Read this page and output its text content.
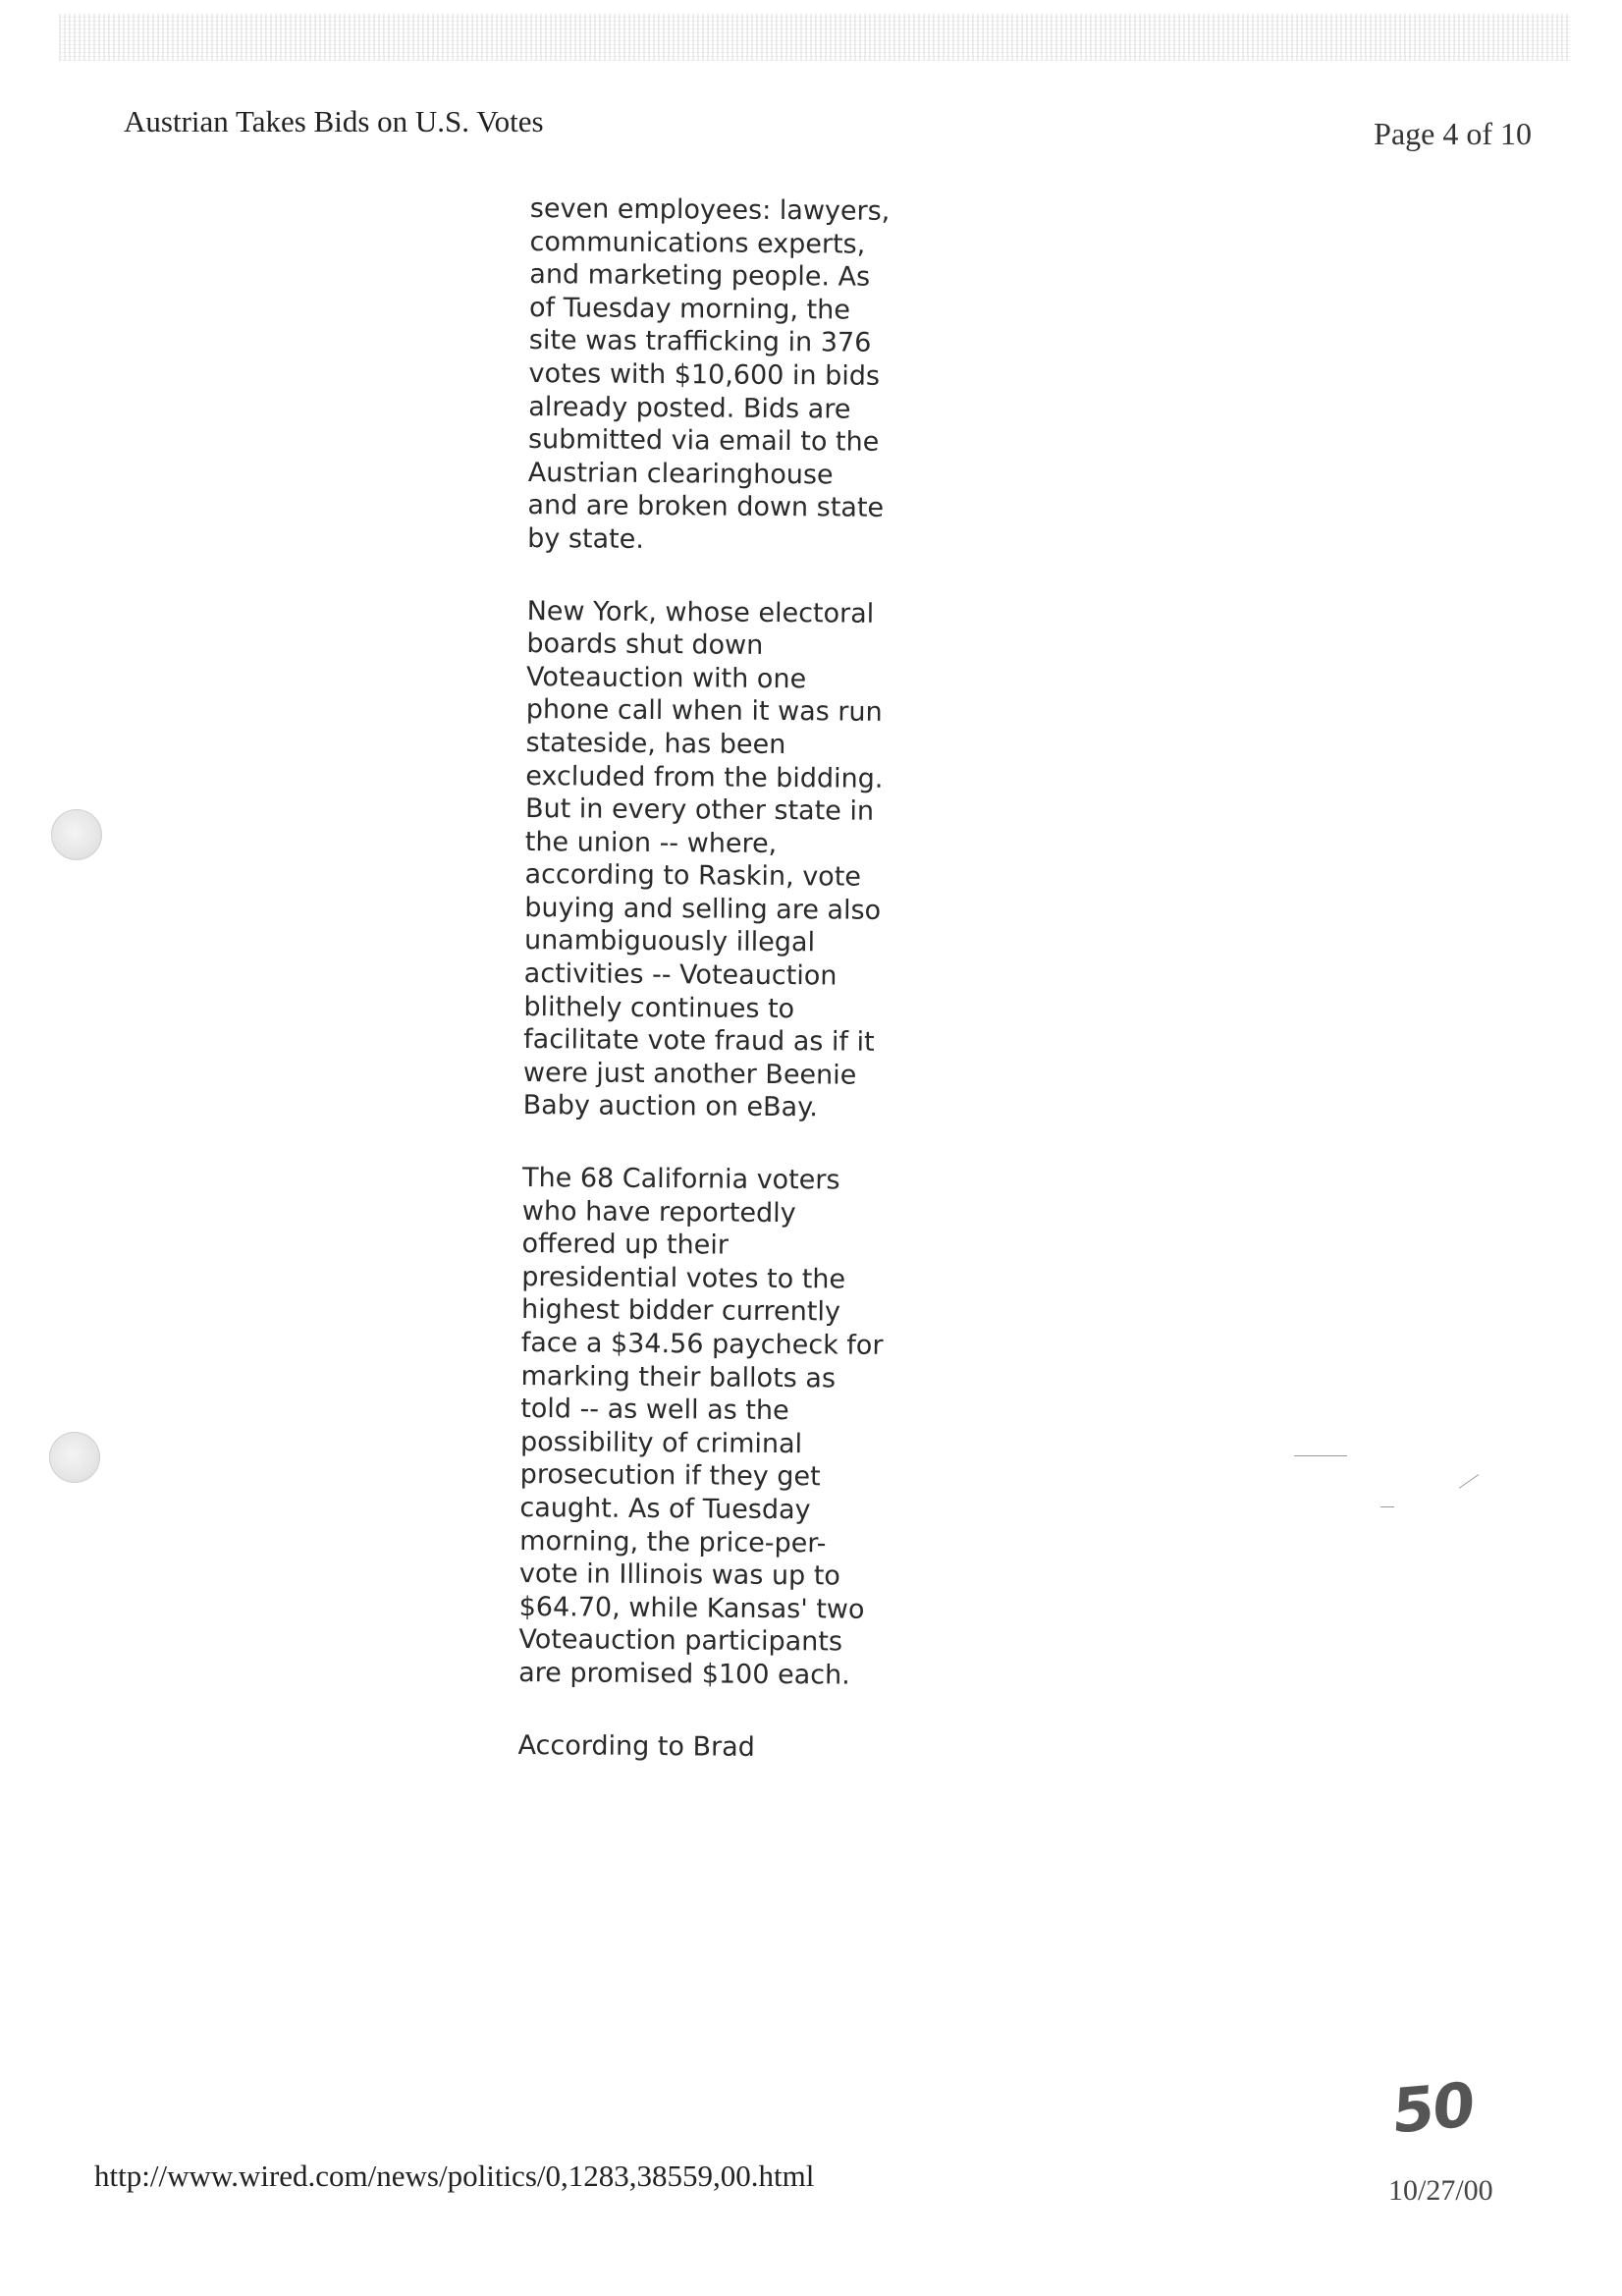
Austrian Takes Bids on U.S. Votes	Page 4 of 10

seven employees: lawyers, communications experts, and marketing people. As of Tuesday morning, the site was trafficking in 376 votes with $10,600 in bids already posted. Bids are submitted via email to the Austrian clearinghouse and are broken down state by state.

New York, whose electoral boards shut down Voteauction with one phone call when it was run stateside, has been excluded from the bidding. But in every other state in the union -- where, according to Raskin, vote buying and selling are also unambiguously illegal activities -- Voteauction blithely continues to facilitate vote fraud as if it were just another Beenie Baby auction on eBay.

The 68 California voters who have reportedly offered up their presidential votes to the highest bidder currently face a $34.56 paycheck for marking their ballots as told -- as well as the possibility of criminal prosecution if they get caught. As of Tuesday morning, the price-per-vote in Illinois was up to $64.70, while Kansas' two Voteauction participants are promised $100 each.

According to Brad

50
http://www.wired.com/news/politics/0,1283,38559,00.html	10/27/00
